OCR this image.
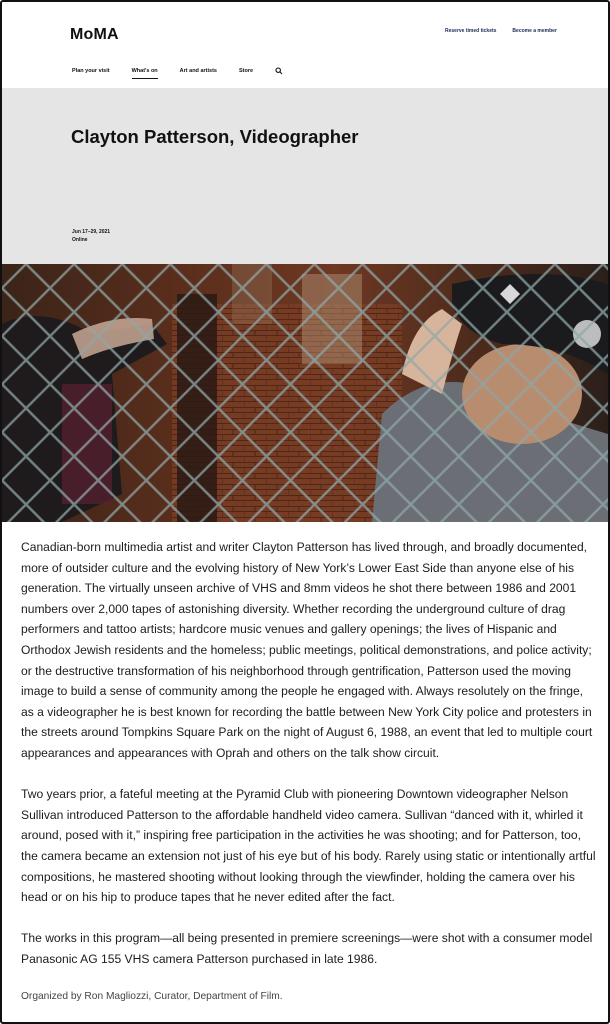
MoMA	Reserve timed tickets	Become a member
Plan your visit	What's on	Art and artists	Store
Clayton Patterson, Videographer
Jun 17–29, 2021
Online

Canadian-born multimedia artist and writer Clayton Patterson has lived through, and broadly documented, more of outsider culture and the evolving history of New York’s Lower East Side than anyone else of his generation. The virtually unseen archive of VHS and 8mm videos he shot there between 1986 and 2001 numbers over 2,000 tapes of astonishing diversity. Whether recording the underground culture of drag performers and tattoo artists; hardcore music venues and gallery openings; the lives of Hispanic and Orthodox Jewish residents and the homeless; public meetings, political demonstrations, and police activity; or the destructive transformation of his neighborhood through gentrification, Patterson used the moving image to build a sense of community among the people he engaged with. Always resolutely on the fringe, as a videographer he is best known for recording the battle between New York City police and protesters in the streets around Tompkins Square Park on the night of August 6, 1988, an event that led to multiple court appearances and appearances with Oprah and others on the talk show circuit.

Two years prior, a fateful meeting at the Pyramid Club with pioneering Downtown videographer Nelson Sullivan introduced Patterson to the affordable handheld video camera. Sullivan “danced with it, whirled it around, posed with it,” inspiring free participation in the activities he was shooting; and for Patterson, too, the camera became an extension not just of his eye but of his body. Rarely using static or intentionally artful compositions, he mastered shooting without looking through the viewfinder, holding the camera over his head or on his hip to produce tapes that he never edited after the fact.

The works in this program—all being presented in premiere screenings—were shot with a consumer model Panasonic AG 155 VHS camera Patterson purchased in late 1986.

Organized by Ron Magliozzi, Curator, Department of Film.
